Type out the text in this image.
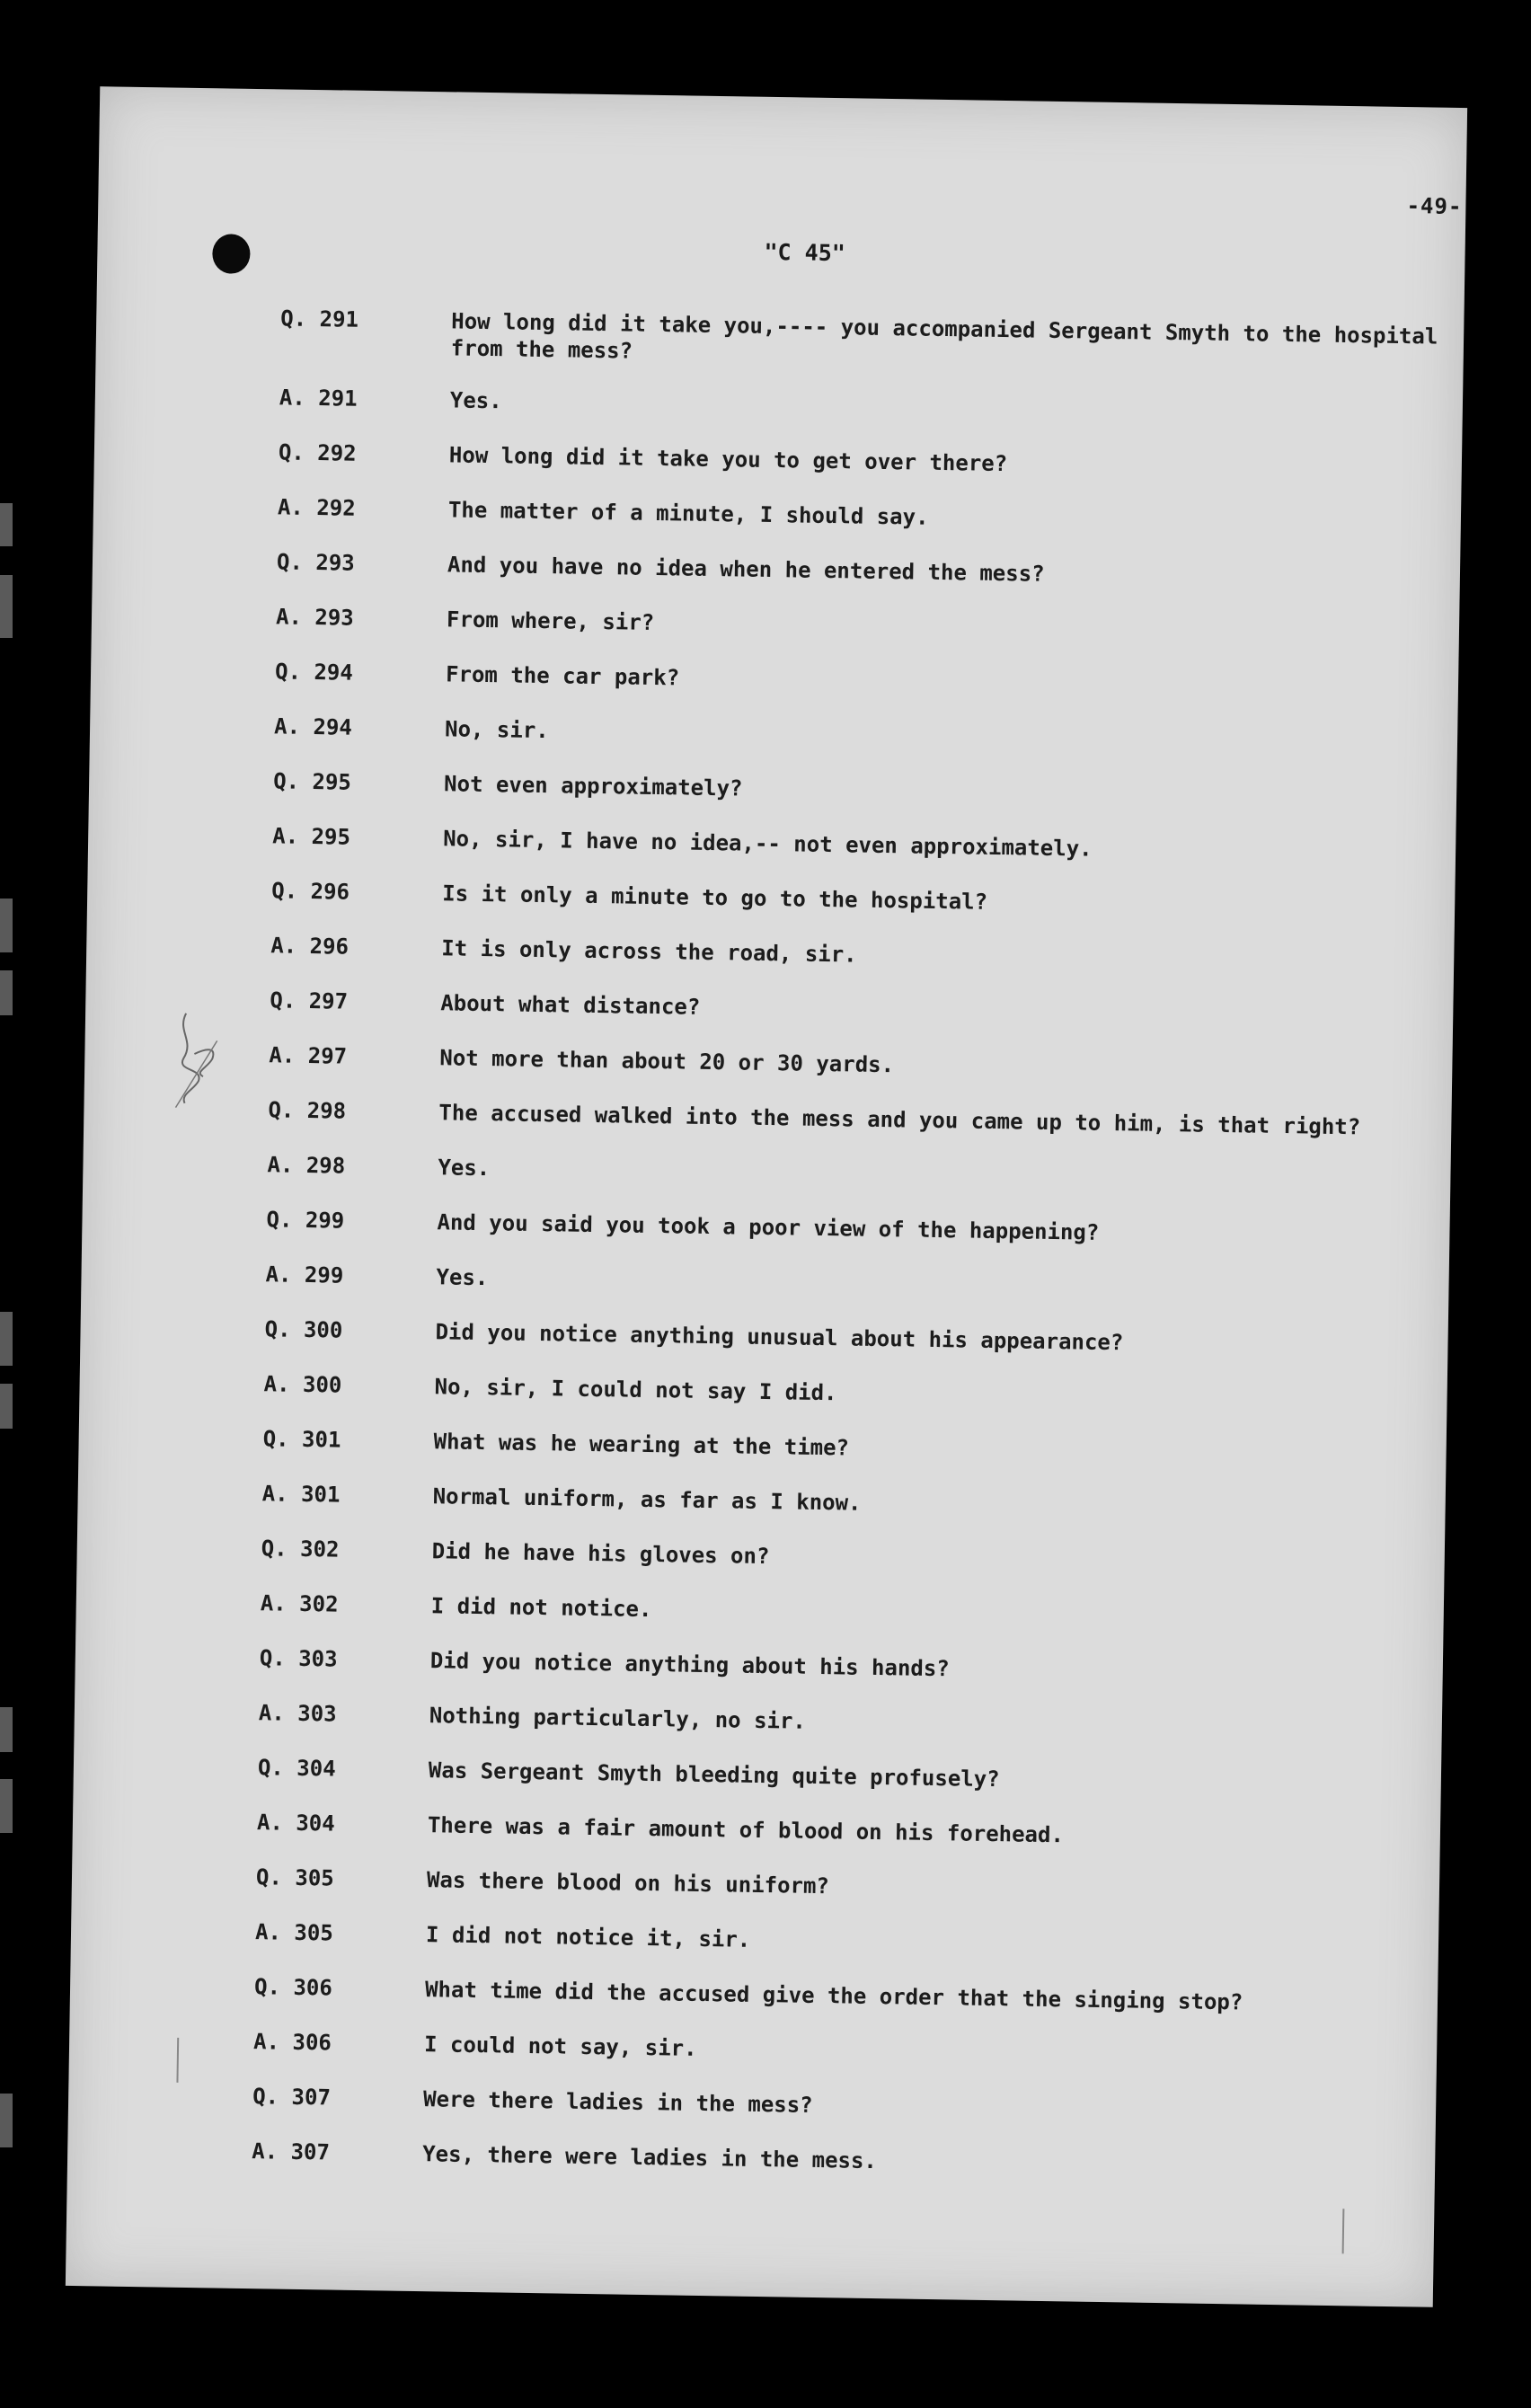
-49-
"C 45"
Q. 291	How long did it take you,---- you accompanied Sergeant Smyth to the hospital from the mess?
A. 291	Yes.
Q. 292	How long did it take you to get over there?
A. 292	The matter of a minute, I should say.
Q. 293	And you have no idea when he entered the mess?
A. 293	From where, sir?
Q. 294	From the car park?
A. 294	No, sir.
Q. 295	Not even approximately?
A. 295	No, sir, I have no idea,-- not even approximately.
Q. 296	Is it only a minute to go to the hospital?
A. 296	It is only across the road, sir.
Q. 297	About what distance?
A. 297	Not more than about 20 or 30 yards.
Q. 298	The accused walked into the mess and you came up to him, is that right?
A. 298	Yes.
Q. 299	And you said you took a poor view of the happening?
A. 299	Yes.
Q. 300	Did you notice anything unusual about his appearance?
A. 300	No, sir, I could not say I did.
Q. 301	What was he wearing at the time?
A. 301	Normal uniform, as far as I know.
Q. 302	Did he have his gloves on?
A. 302	I did not notice.
Q. 303	Did you notice anything about his hands?
A. 303	Nothing particularly, no sir.
Q. 304	Was Sergeant Smyth bleeding quite profusely?
A. 304	There was a fair amount of blood on his forehead.
Q. 305	Was there blood on his uniform?
A. 305	I did not notice it, sir.
Q. 306	What time did the accused give the order that the singing stop?
A. 306	I could not say, sir.
Q. 307	Were there ladies in the mess?
A. 307	Yes, there were ladies in the mess.
